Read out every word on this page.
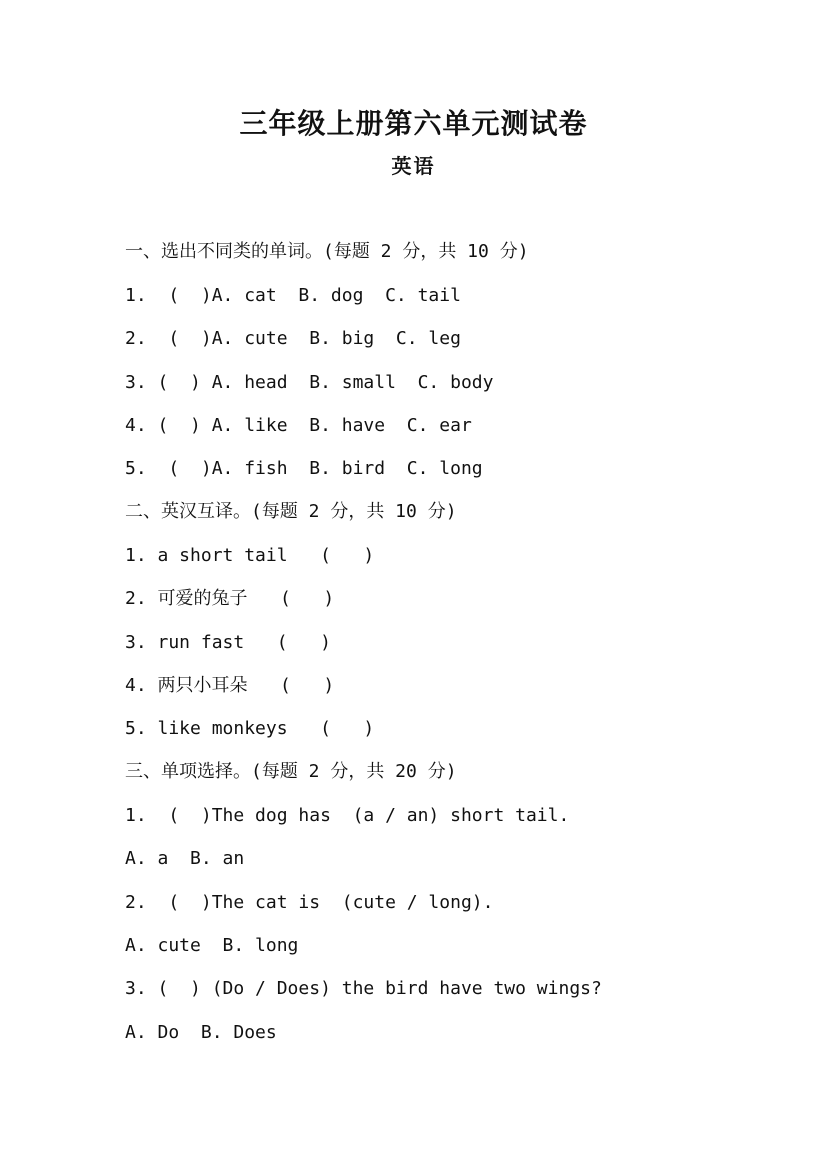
三年级上册第六单元测试卷
英语
一、选出不同类的单词。(每题 2 分，共 10 分)
1.  (  )A. cat  B. dog  C. tail
2.  (  )A. cute  B. big  C. leg
3. (  ) A. head  B. small  C. body
4. (  ) A. like  B. have  C. ear
5.  (  )A. fish  B. bird  C. long
二、英汉互译。(每题 2 分，共 10 分)
1. a short tail   (   )
2. 可爱的兔子   (   )
3. run fast   (   )
4. 两只小耳朵   (   )
5. like monkeys   (   )
三、单项选择。(每题 2 分，共 20 分)
1.  (  )The dog has  (a / an) short tail.
A. a  B. an
2.  (  )The cat is  (cute / long).
A. cute  B. long
3. (  ) (Do / Does) the bird have two wings?
A. Do  B. Does
